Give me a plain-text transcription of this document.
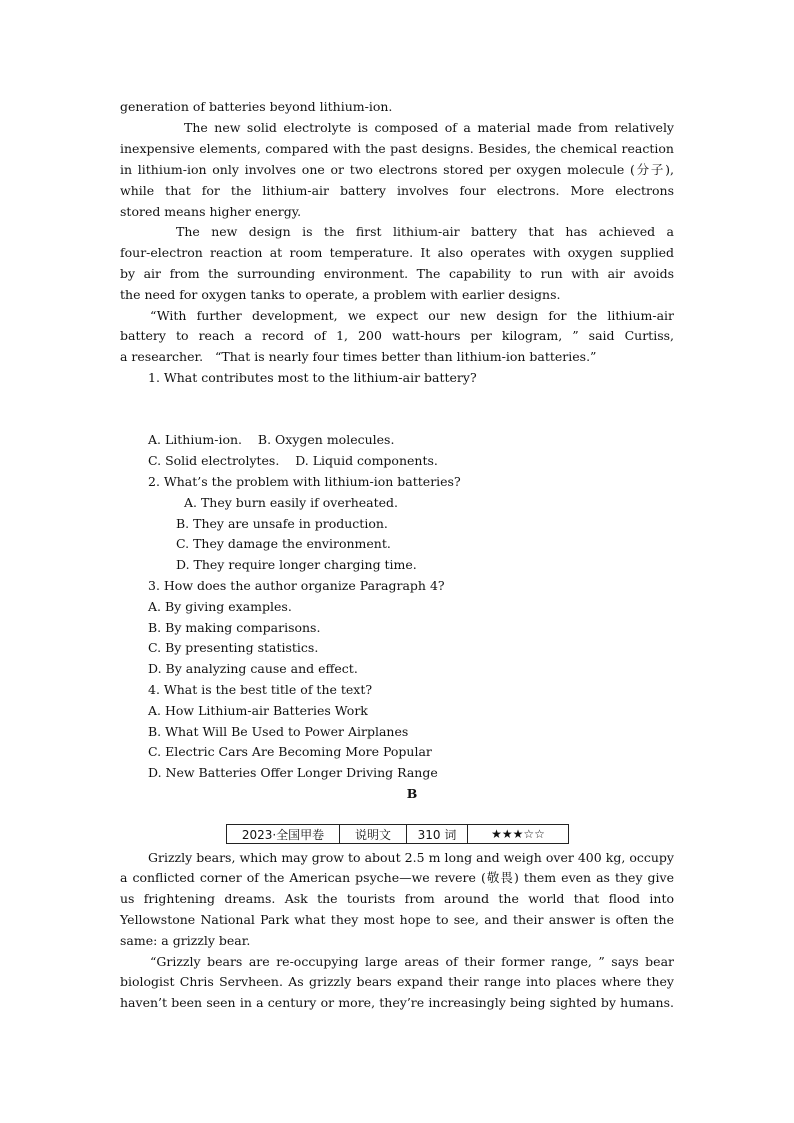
generation of batteries beyond lithium-ion.
The new solid electrolyte is composed of a material made from relatively
inexpensive elements, compared with the past designs. Besides, the chemical reaction
in lithium-ion only involves one or two electrons stored per oxygen molecule (分子),
while that for the lithium-air battery involves four electrons. More electrons
stored means higher energy.
The new design is the first lithium-air battery that has achieved a
four-electron reaction at room temperature. It also operates with oxygen supplied
by air from the surrounding environment. The capability to run with air avoids
the need for oxygen tanks to operate, a problem with earlier designs.
“With further development, we expect our new design for the lithium-air
battery to reach a record of 1, 200 watt-hours per kilogram, ” said Curtiss,
a researcher.   “That is nearly four times better than lithium-ion batteries.”
1. What contributes most to the lithium-air battery?
A. Lithium-ion.    B. Oxygen molecules.
C. Solid electrolytes.    D. Liquid components.
2. What’s the problem with lithium-ion batteries?
A. They burn easily if overheated.
B. They are unsafe in production.
C. They damage the environment.
D. They require longer charging time.
3. How does the author organize Paragraph 4?
A. By giving examples.
B. By making comparisons.
C. By presenting statistics.
D. By analyzing cause and effect.
4. What is the best title of the text?
A. How Lithium-air Batteries Work
B. What Will Be Used to Power Airplanes
C. Electric Cars Are Becoming More Popular
D. New Batteries Offer Longer Driving Range
B
2023·全国甲卷	说明文	310 词	★★★☆☆
Grizzly bears, which may grow to about 2.5 m long and weigh over 400 kg, occupy
a conflicted corner of the American psyche—we revere (敬畏) them even as they give
us frightening dreams. Ask the tourists from around the world that flood into
Yellowstone National Park what they most hope to see, and their answer is often the
same: a grizzly bear.
“Grizzly bears are re-occupying large areas of their former range, ” says bear
biologist Chris Servheen. As grizzly bears expand their range into places where they
haven’t been seen in a century or more, they’re increasingly being sighted by humans.
